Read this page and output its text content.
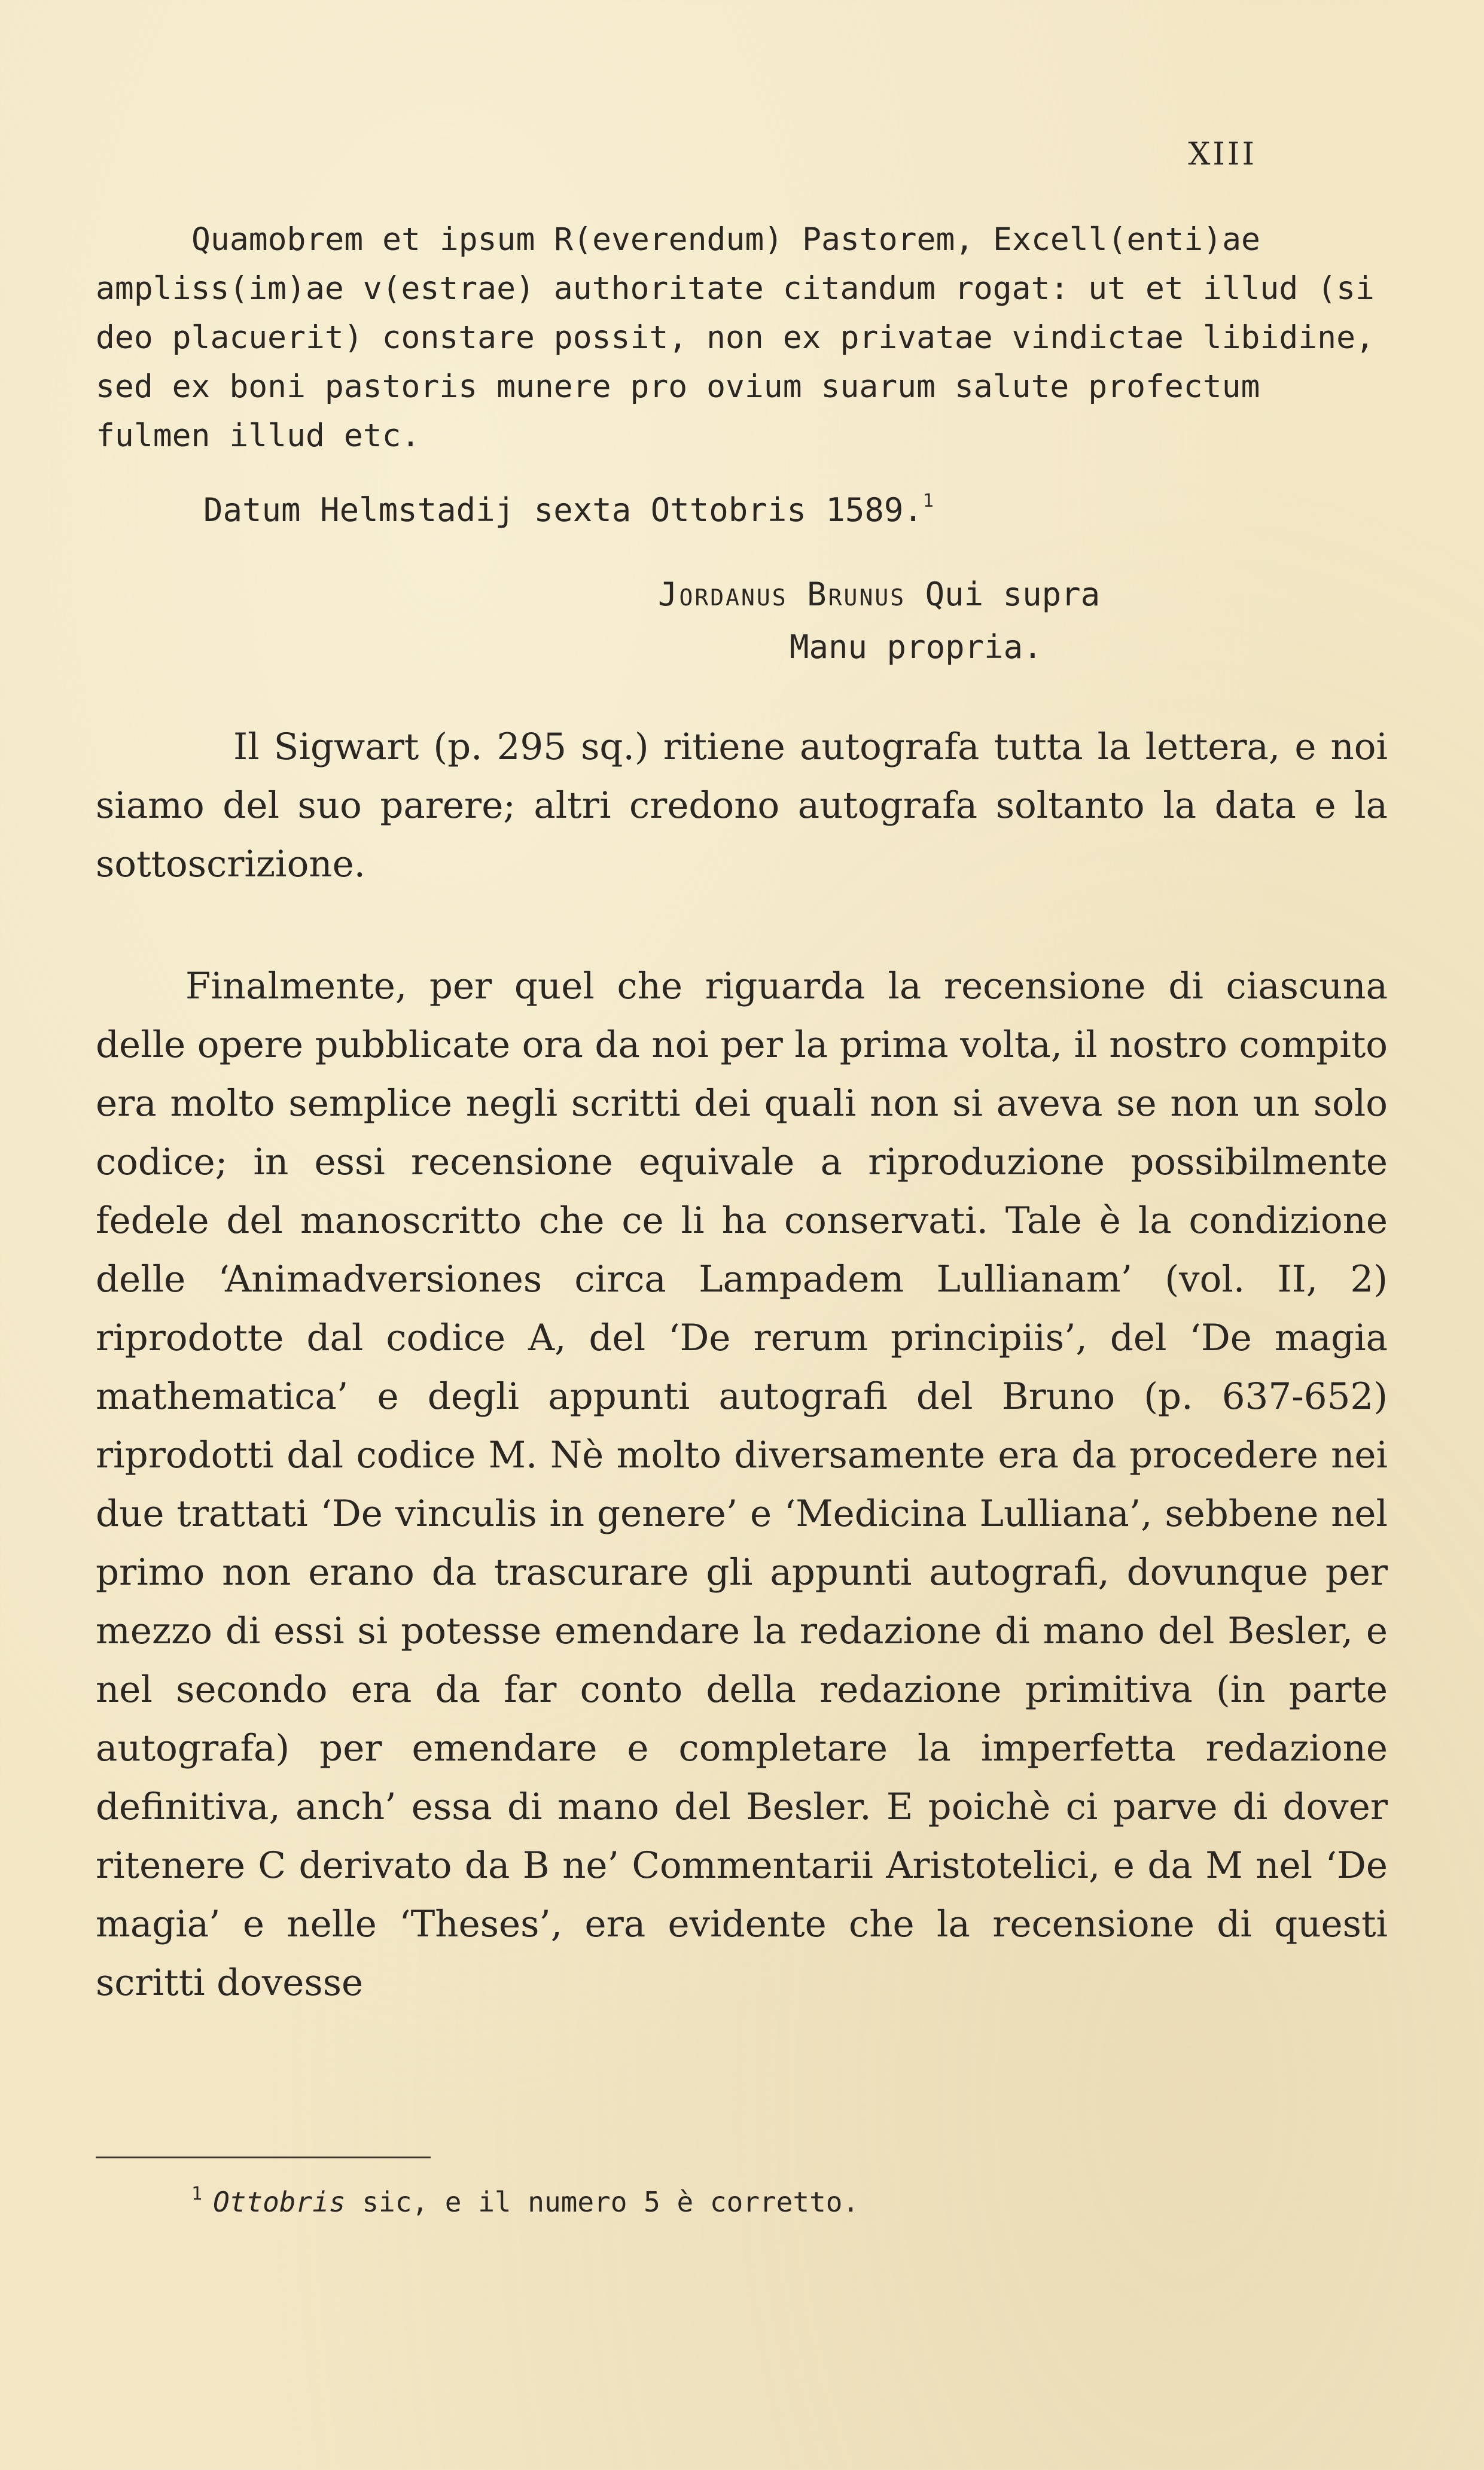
XIII
Quamobrem et ipsum R(everendum) Pastorem, Excell(enti)ae
ampliss(im)ae v(estrae) authoritate citandum rogat: ut et illud (si
deo placuerit) constare possit, non ex privatae vindictae libidine,
sed ex boni pastoris munere pro ovium suarum salute profectum
fulmen illud etc.
Datum Helmstadij sexta Ottobris 1589.$^1$
Jordanus Brunus Qui supra
Manu propria.
Il Sigwart (p. 295 sq.) ritiene autografa tutta la lettera, e noi siamo del suo parere; altri credono autografa soltanto la data e la sottoscrizione.
Finalmente, per quel che riguarda la recensione di ciascuna delle opere pubblicate ora da noi per la prima volta, il nostro compito era molto semplice negli scritti dei quali non si aveva se non un solo codice; in essi recensione equivale a riproduzione possibilmente fedele del manoscritto che ce li ha conservati. Tale è la condizione delle ‘Animadversiones circa Lampadem Lullianam’ (vol. II, 2) riprodotte dal codice A, del ‘De rerum principiis’, del ‘De magia mathematica’ e degli appunti autografi del Bruno (p. 637-652) riprodotti dal codice M. Nè molto diversamente era da procedere nei due trattati ‘De vinculis in genere’ e ‘Medicina Lulliana’, sebbene nel primo non erano da trascurare gli appunti autografi, dovunque per mezzo di essi si potesse emendare la redazione di mano del Besler, e nel secondo era da far conto della redazione primitiva (in parte autografa) per emendare e completare la imperfetta redazione definitiva, anch’ essa di mano del Besler. E poichè ci parve di dover ritenere C derivato da B ne’ Commentarii Aristotelici, e da M nel ‘De magia’ e nelle ‘Theses’, era evidente che la recensione di questi scritti dovesse
$^1$ Ottobris sic, e il numero 5 è corretto.
